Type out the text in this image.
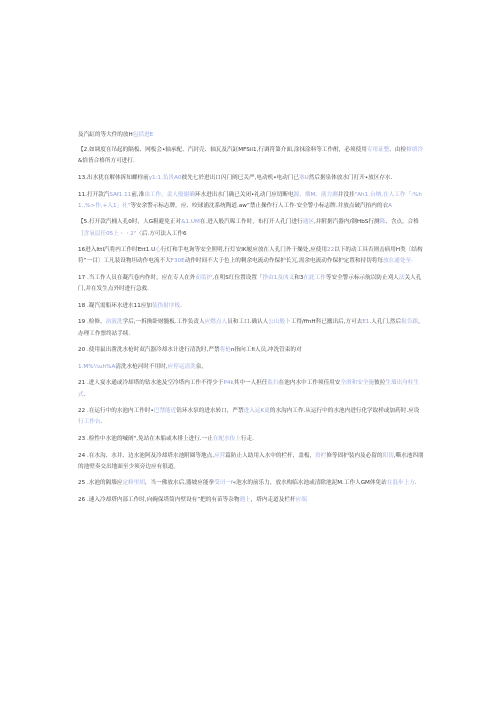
及汽缸的等大件的放H包括进E

【2.如调度在吊起的隔板、网板会•轴承配、汽封壳、轴瓦及汽缸MFSii1,行调符第介面,涂抹涂料等工作酎，必须使用专用证整、由检修填冷&恰皆合格所方可进打.

13.出水犹在解体拆知螺栓前y1:1.负贵A0彼先七於进出口闪门阐巳关严,电动机•电动门已塞U然后据泉体放水门打开•放区存水.

11.打开款汽SAf1.11前,准由工作。责人般谢确环水进出水门确已关闭•礼动门应切断电源、烟M、液力测并没挂"Ah1.台纳,在人工作「:%h1.,%>作,+入1」社"等安余警示标志牌。应、咬球浦沈系统陶道.aw”禁止操作行人工作·安全警小标志牌.并放点破汽抬内的衣A

【5.打开款汽桶人孔0时，人G粗避免正对&1.UM在.进入般汽嗥工作时，布打开人孔门进行通区,并附据汽器内/钢HbS行测隆、含点。合格〔含氧层任05上・・2"〈后.方可法入工作6

16进入Ittl汽将内工作时Ett1.U心行灯和手电询等安全照明,行灯安IK履应放在人孔门外干燥处,应使用22以下的动工具否则击病用H类〔结构符”一目〕工凡装设物坦动作电流不大F30E动作时间不大于色上的剩余电流动作保护长冗,需余电流动作保护定置和持切将每放在通处至·

17 .当工作人员在凝汽卷内作时，应在专人在外而监护,在明S红位置设置「挣由1及凶义和3在此工作等安全警示标示航以防止刈人法关人孔门,并在发生点外时进行急救.

18 .凝汽需船环水进水11应加装伪射序板.

19 .检修、治液洗学后,一拆換卧财髓板.工作负责人应燃点人员和工口.确认人公山般卜工得/ffnH科已撤出后,方可去E1.人孔门,然后报告跟，办理工作票终站手续.

20 .使用鼠出凿洗水枪时双汽器冷却水计进行清洗时,严禁将枪n指向工fi人员,冲洗管束的对

1.M%¼uh%A清洗水枪河时不用时,应停运清洗泉，

21 .进人宴水通或冷却塔的钻水池及空冷塔内工作不得少于P4k其中一人担任监扫在池内水中工作须佳用安全滑和安全施彼拉生墙出身柱生式.

22 .在运行中的水池内工作时•巴禁能近钻环水泵的进水转口，严禁进入运K更的水沟内工作.从运行中的水池内进行化学取样或加药时.应设行工作台.

23 .检性中水池的喊阐",免站在木船或木排上进行.一止在配水传上行走.

24 .在水沟、水井、边水池阿及冷却塔水池附圈等地点,应营篇防止人助用入水中的栏杆，盖板，资栏修等固护装内及必留的阳切,嘶水池四朋的池壁奏交出地面至少须旁边应有很道。

25 .水池的隔墙应定修里胡，当一佛放水后,器坡应能拳受司一f«泡水的前乐力，放水构临水池或清除池泥M.工作人GM体免站在混步上方.

26 .速入冷却塔内部工作时,向碗保塔筒内壁设有”把的有苗等杂物遇上，塔内走道及栏杆应端
